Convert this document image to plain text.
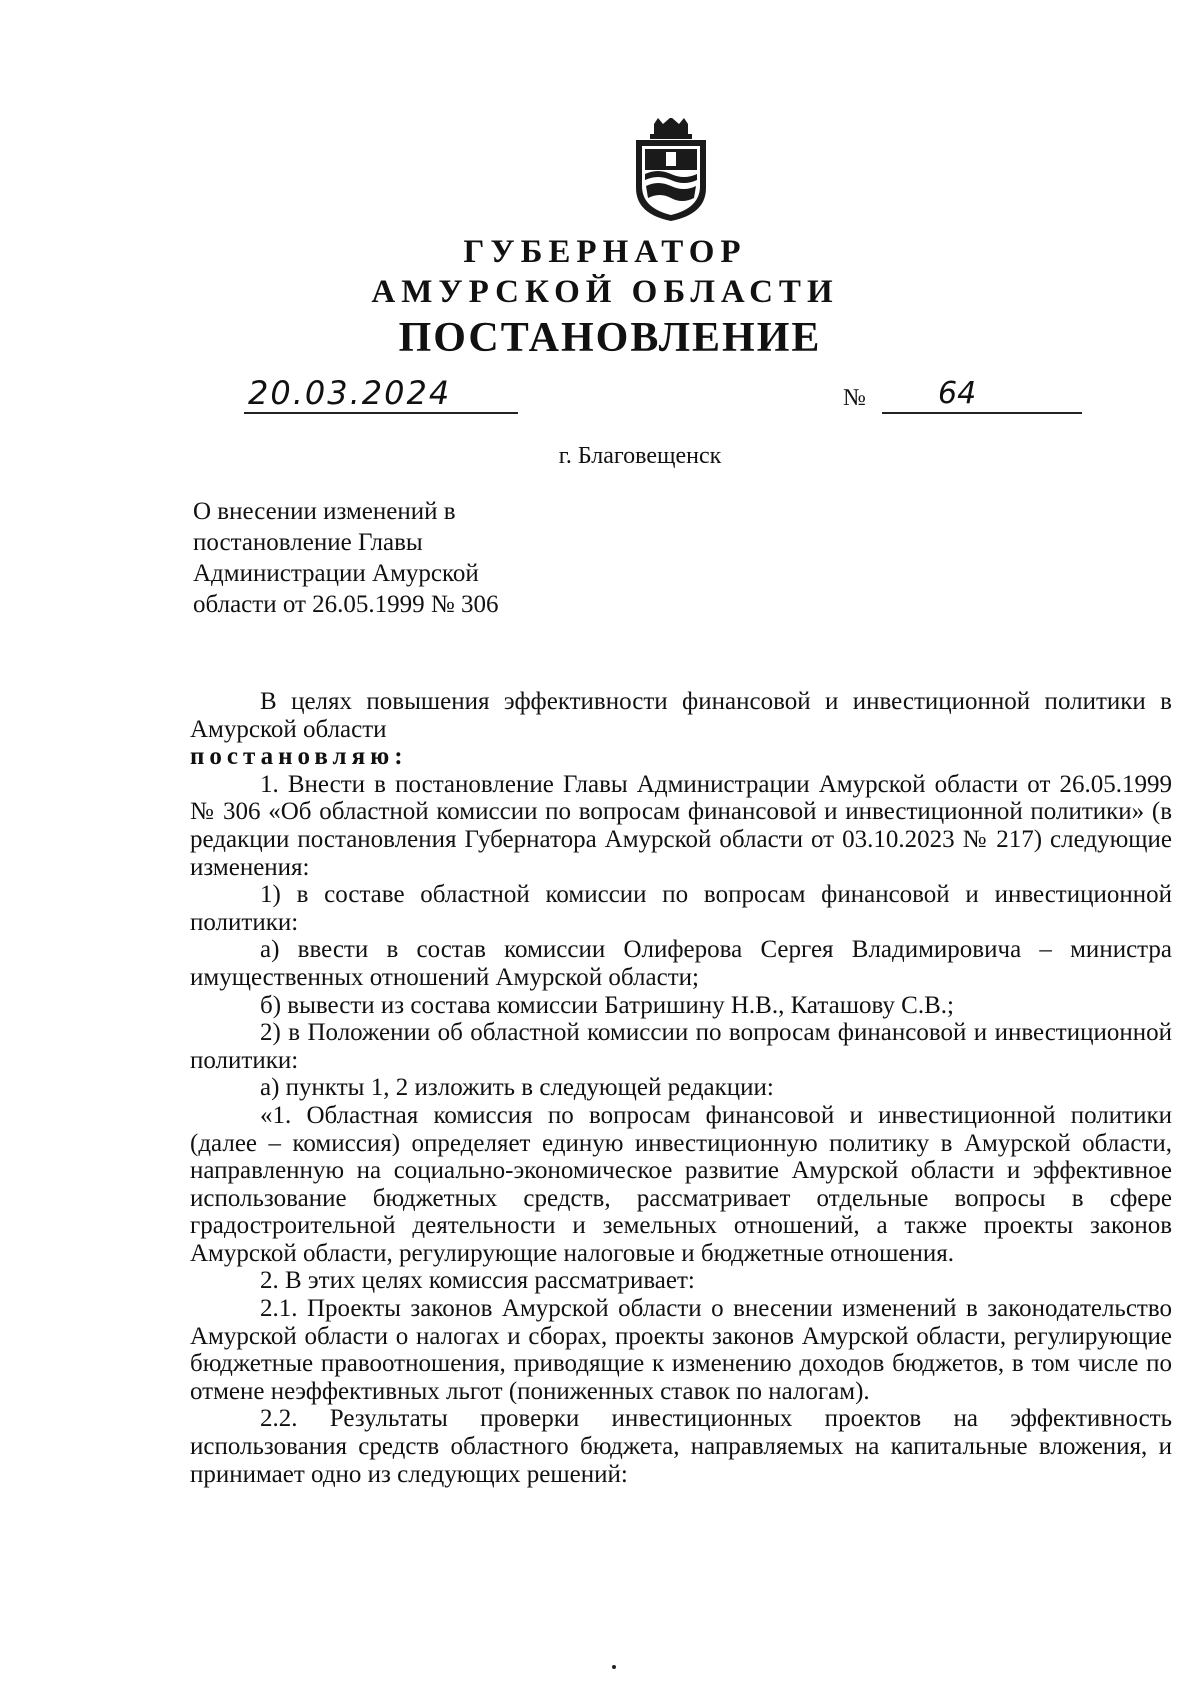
ГУБЕРНАТОР
АМУРСКОЙ ОБЛАСТИ
ПОСТАНОВЛЕНИЕ
20.03.2024	№	64
г. Благовещенск
О внесении изменений в
постановление Главы
Администрации Амурской
области от 26.05.1999 № 306

В целях повышения эффективности финансовой и инвестиционной политики в Амурской области

постановляю:

1. Внести в постановление Главы Администрации Амурской области от 26.05.1999 № 306 «Об областной комиссии по вопросам финансовой и инвестиционной политики» (в редакции постановления Губернатора Амурской области от 03.10.2023 № 217) следующие изменения:

1) в составе областной комиссии по вопросам финансовой и инвестиционной политики:

а) ввести в состав комиссии Олиферова Сергея Владимировича – министра имущественных отношений Амурской области;

б) вывести из состава комиссии Батришину Н.В., Каташову С.В.;

2) в Положении об областной комиссии по вопросам финансовой и инвестиционной политики:

а) пункты 1, 2 изложить в следующей редакции:

«1. Областная комиссия по вопросам финансовой и инвестиционной политики (далее – комиссия) определяет единую инвестиционную политику в Амурской области, направленную на социально-экономическое развитие Амурской области и эффективное использование бюджетных средств, рассматривает отдельные вопросы в сфере градостроительной деятельности и земельных отношений, а также проекты законов Амурской области, регулирующие налоговые и бюджетные отношения.

2. В этих целях комиссия рассматривает:

2.1. Проекты законов Амурской области о внесении изменений в законодательство Амурской области о налогах и сборах, проекты законов Амурской области, регулирующие бюджетные правоотношения, приводящие к изменению доходов бюджетов, в том числе по отмене неэффективных льгот (пониженных ставок по налогам).

2.2. Результаты проверки инвестиционных проектов на эффективность использования средств областного бюджета, направляемых на капитальные вложения, и принимает одно из следующих решений:
